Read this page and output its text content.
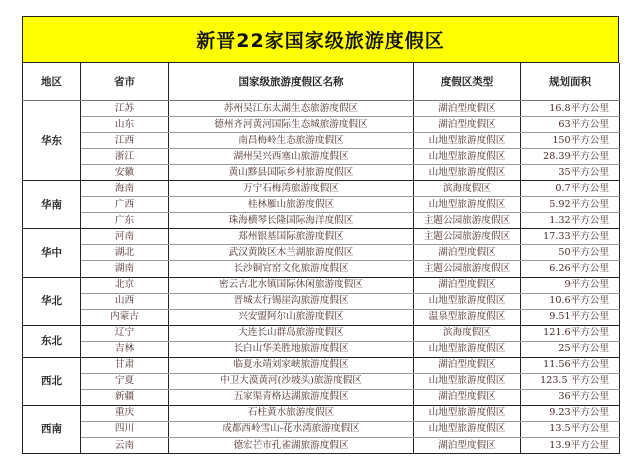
新晋22家国家级旅游度假区
地区	省市	国家级旅游度假区名称	度假区类型	规划面积
华东	江苏	苏州吴江东太湖生态旅游度假区	湖泊型度假区	16.8平方公里
	山东	德州齐河黄河国际生态城旅游度假区	湖泊型度假区	63平方公里
	江西	南昌梅岭生态旅游度假区	山地型旅游度假区	150平方公里
	浙江	湖州吴兴西塞山旅游度假区	山地型旅游度假区	28.39平方公里
	安徽	黄山黟县国际乡村旅游度假区	山地型旅游度假区	35平方公里
华南	海南	万宁石梅湾旅游度假区	滨海度假区	0.7平方公里
	广西	桂林雁山旅游度假区	山地型旅游度假区	5.92平方公里
	广东	珠海横琴长隆国际海洋度假区	主题公园旅游度假区	1.32平方公里
华中	河南	郑州银基国际旅游度假区	主题公园旅游度假区	17.33平方公里
	湖北	武汉黄陂区木兰湖旅游度假区	湖泊型度假区	50平方公里
	湖南	长沙铜官窑文化旅游度假区	主题公园旅游度假区	6.26平方公里
华北	北京	密云古北水镇国际休闲旅游度假区	湖泊型度假区	9平方公里
	山西	晋城太行锡崖沟旅游度假区	山地型旅游度假区	10.6平方公里
	内蒙古	兴安盟阿尔山旅游度假区	温泉型旅游度假区	9.51平方公里
东北	辽宁	大连长山群岛旅游度假区	滨海度假区	121.6平方公里
	吉林	长白山华美胜地旅游度假区	山地型旅游度假区	25平方公里
西北	甘肃	临夏永靖刘家峡旅游度假区	湖泊型度假区	11.56平方公里
	宁夏	中卫大漠黄河(沙坡头)旅游度假区	山地型旅游度假区	123.5 平方公里
	新疆	五家渠青格达湖旅游度假区	湖泊型度假区	36平方公里
西南	重庆	石柱黄水旅游度假区	山地型旅游度假区	9.23平方公里
	四川	成都西岭雪山-花水湾旅游度假区	山地型旅游度假区	13.5平方公里
	云南	德宏芒市孔雀湖旅游度假区	湖泊型度假区	13.9平方公里
